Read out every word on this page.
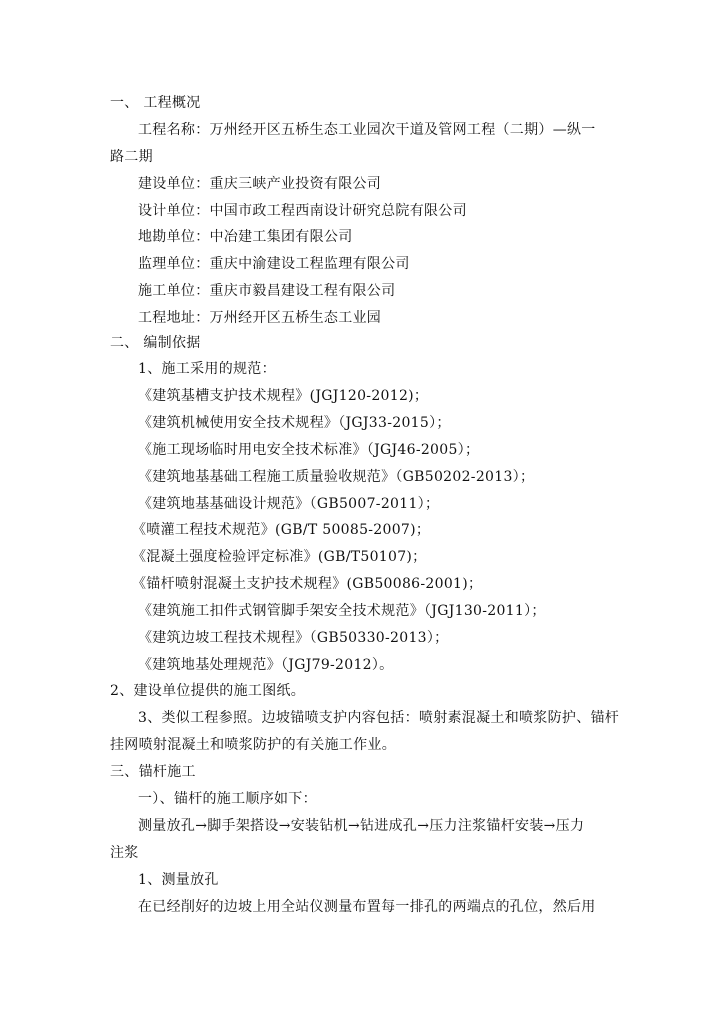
一、 工程概况
工程名称：万州经开区五桥生态工业园次干道及管网工程（二期）—纵一
路二期
建设单位：重庆三峡产业投资有限公司
设计单位：中国市政工程西南设计研究总院有限公司
地勘单位：中冶建工集团有限公司
监理单位：重庆中渝建设工程监理有限公司
施工单位：重庆市毅昌建设工程有限公司
工程地址：万州经开区五桥生态工业园
二、 编制依据
1、施工采用的规范：
《建筑基槽支护技术规程》(JGJ120-2012)；
《建筑机械使用安全技术规程》（JGJ33-2015）；
《施工现场临时用电安全技术标准》（JGJ46-2005）；
《建筑地基基础工程施工质量验收规范》（GB50202-2013）；
《建筑地基基础设计规范》（GB5007-2011）；
《喷灌工程技术规范》(GB/T 50085-2007)；
《混凝土强度检验评定标准》(GB/T50107)；
《锚杆喷射混凝土支护技术规程》(GB50086-2001)；
《建筑施工扣件式钢管脚手架安全技术规范》（JGJ130-2011）；
《建筑边坡工程技术规程》（GB50330-2013）；
《建筑地基处理规范》（JGJ79-2012）。
2、建设单位提供的施工图纸。
3、类似工程参照。边坡锚喷支护内容包括：喷射素混凝土和喷浆防护、锚杆
挂网喷射混凝土和喷浆防护的有关施工作业。
三、锚杆施工
一）、锚杆的施工顺序如下：
测量放孔→脚手架搭设→安装钻机→钻进成孔→压力注浆锚杆安装→压力
注浆
1、测量放孔
在已经削好的边坡上用全站仪测量布置每一排孔的两端点的孔位，然后用
